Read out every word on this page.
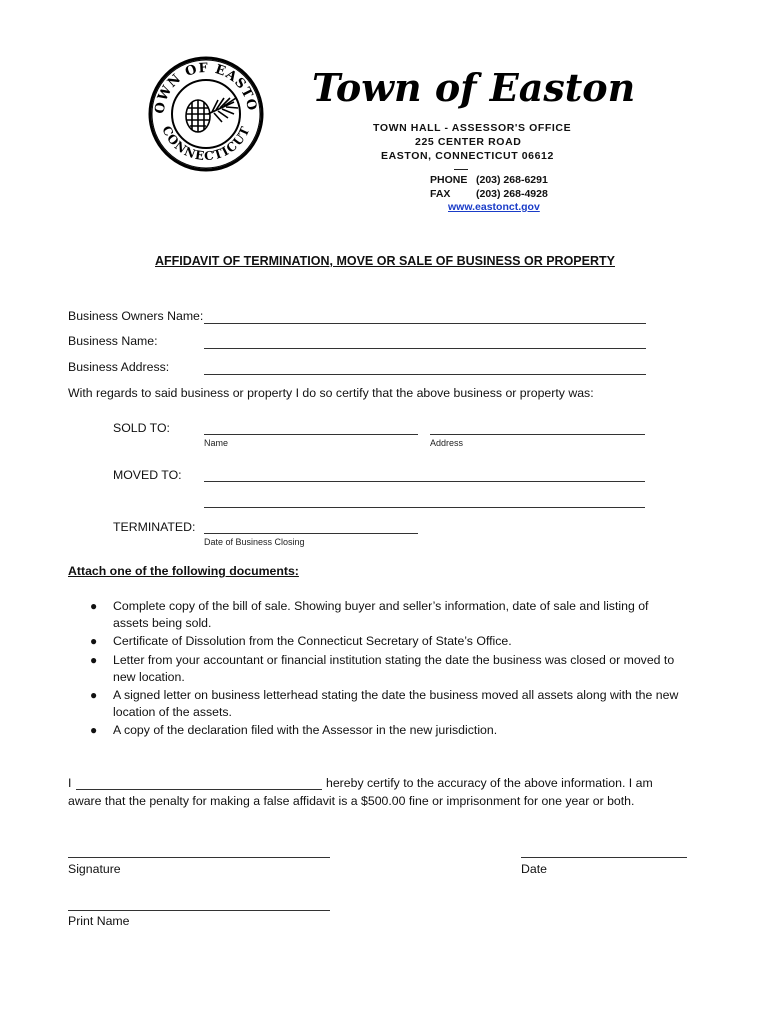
OWN OF EASTO
CONNECTICUT
Town of Easton
TOWN HALL - ASSESSOR'S OFFICE
225 CENTER ROAD
EASTON, CONNECTICUT 06612
PHONE (203) 268-6291
FAX (203) 268-4928
www.eastonct.gov
AFFIDAVIT OF TERMINATION, MOVE OR SALE OF BUSINESS OR PROPERTY
Business Owners Name:
Business Name:
Business Address:
With regards to said business or property I do so certify that the above business or property was:
SOLD TO:
Name	Address
MOVED TO:
TERMINATED:
Date of Business Closing
Attach one of the following documents:
● Complete copy of the bill of sale. Showing buyer and seller’s information, date of sale and listing of
assets being sold.
● Certificate of Dissolution from the Connecticut Secretary of State’s Office.
● Letter from your accountant or financial institution stating the date the business was closed or moved to
new location.
● A signed letter on business letterhead stating the date the business moved all assets along with the new
location of the assets.
● A copy of the declaration filed with the Assessor in the new jurisdiction.
I	hereby certify to the accuracy of the above information. I am
aware that the penalty for making a false affidavit is a $500.00 fine or imprisonment for one year or both.
Signature	Date
Print Name
